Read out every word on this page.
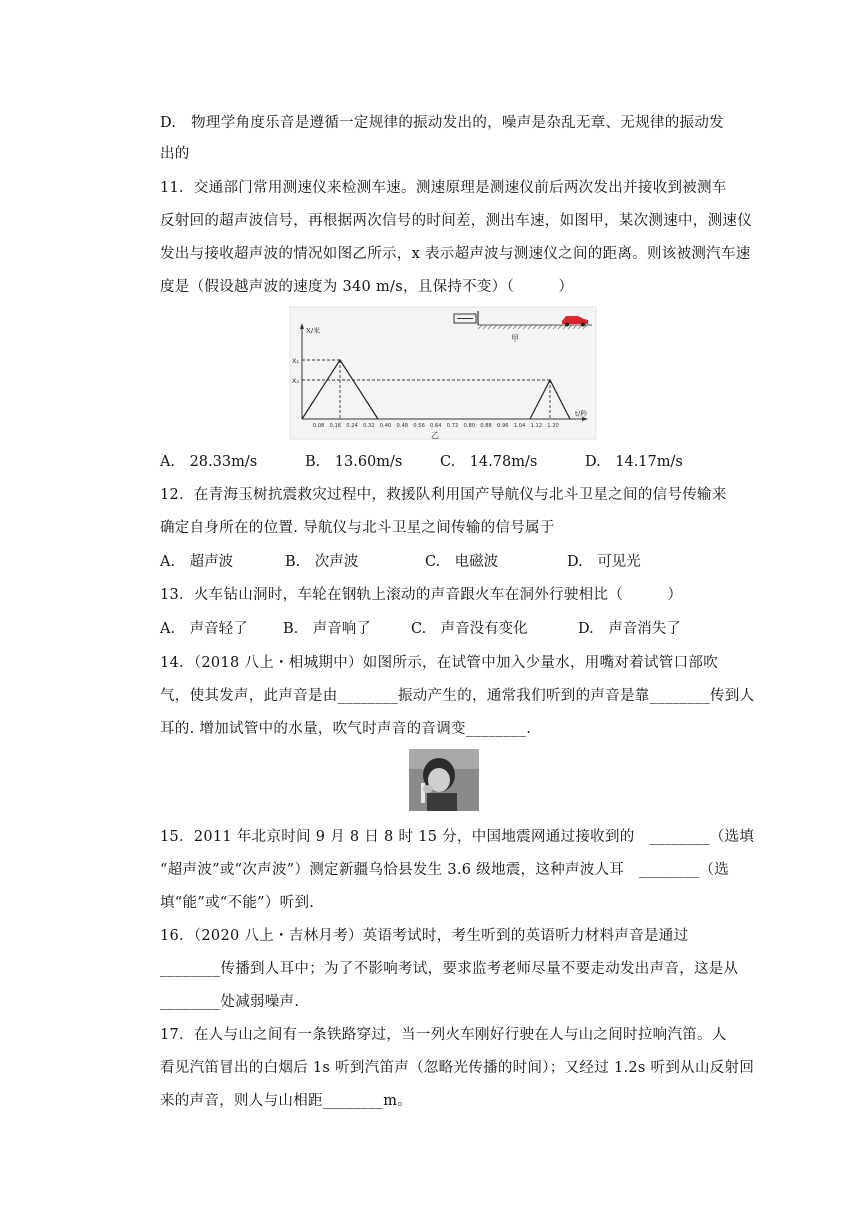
D.　物理学角度乐音是遵循一定规律的振动发出的，噪声是杂乱无章、无规律的振动发
出的
11．交通部门常用测速仪来检测车速。测速原理是测速仪前后两次发出并接收到被测车
反射回的超声波信号，再根据两次信号的时间差，测出车速，如图甲，某次测速中，测速仪
发出与接收超声波的情况如图乙所示，x 表示超声波与测速仪之间的距离。则该被测汽车速
度是（假设越声波的速度为 340 m/s，且保持不变）（　　　）
甲
X/米
t/秒
X₁
X₂
0.08 0.16 0.24 0.32 0.40 0.48 0.56 0.64 0.72 0.80 0.88 0.96 1.04 1.12 1.20
乙
A.　28.33m/s	B.　13.60m/s	C.　14.78m/s	D.　14.17m/s
12．在青海玉树抗震救灾过程中，救援队利用国产导航仪与北斗卫星之间的信号传输来
确定自身所在的位置. 导航仪与北斗卫星之间传输的信号属于
A.　超声波	B.　次声波	C.　电磁波	D.　可见光
13．火车钻山洞时，车轮在钢轨上滚动的声音跟火车在洞外行驶相比（　　　）
A.　声音轻了 B.　声音响了	C.　声音没有变化	D.　声音消失了
14．（2018 八上・相城期中）如图所示，在试管中加入少量水，用嘴对着试管口部吹
气，使其发声，此声音是由________振动产生的，通常我们听到的声音是靠________传到人
耳的. 增加试管中的水量，吹气时声音的音调变________.
15．2011 年北京时间 9 月 8 日 8 时 15 分，中国地震网通过接收到的　________（选填
“超声波”或“次声波”）测定新疆乌恰县发生 3.6 级地震，这种声波人耳　________（选
填“能”或“不能”）听到.
16．（2020 八上・吉林月考）英语考试时，考生听到的英语听力材料声音是通过
________传播到人耳中；为了不影响考试，要求监考老师尽量不要走动发出声音，这是从
________处减弱噪声.
17．在人与山之间有一条铁路穿过，当一列火车刚好行驶在人与山之间时拉响汽笛。人
看见汽笛冒出的白烟后 1s 听到汽笛声（忽略光传播的时间）；又经过 1.2s 听到从山反射回
来的声音，则人与山相距________m。
